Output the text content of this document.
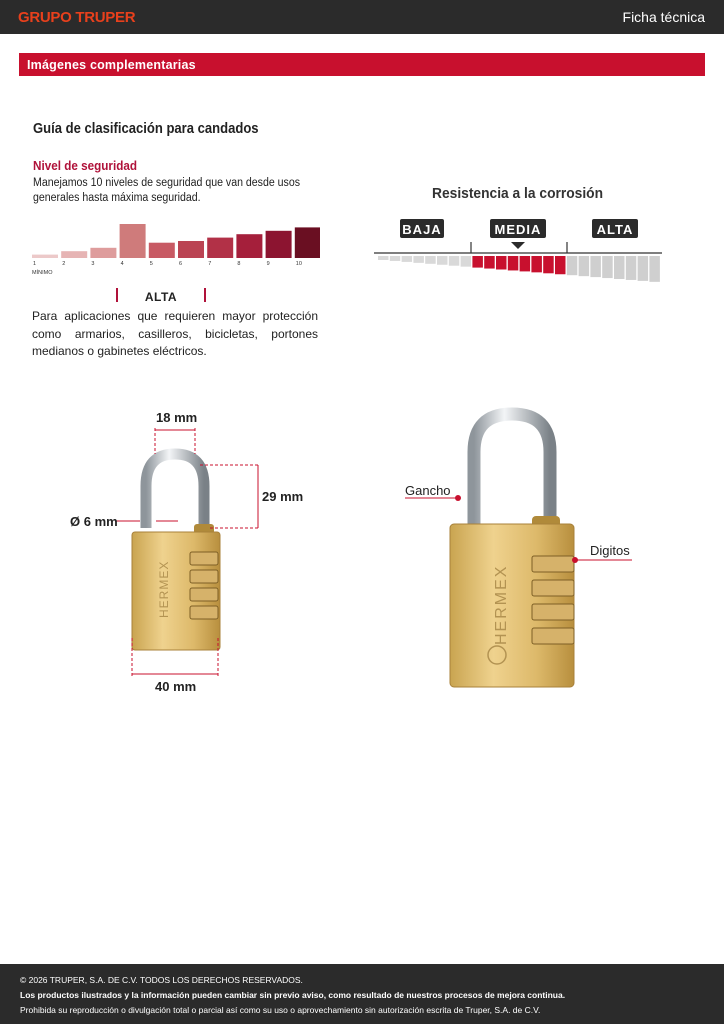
GRUPO TRUPER	Ficha técnica
Imágenes complementarias
Guía de clasificación para candados
Nivel de seguridad
Manejamos 10 niveles de seguridad que van desde usos generales hasta máxima seguridad.
1	2	3	4	5	6	7	8	9	10
MÍNIMO
ALTA
Para aplicaciones que requieren mayor protección como armarios, casilleros, bicicletas, portones medianos o gabinetes eléctricos.
Resistencia a la corrosión
BAJA	MEDIA	ALTA
HERMEX
18 mm
29 mm
Ø 6 mm
40 mm
HERMEX
Gancho
Digitos

© 2026 TRUPER, S.A. DE C.V. TODOS LOS DERECHOS RESERVADOS.

Los productos ilustrados y la información pueden cambiar sin previo aviso, como resultado de nuestros procesos de mejora continua.

Prohibida su reproducción o divulgación total o parcial así como su uso o aprovechamiento sin autorización escrita de Truper, S.A. de C.V.
